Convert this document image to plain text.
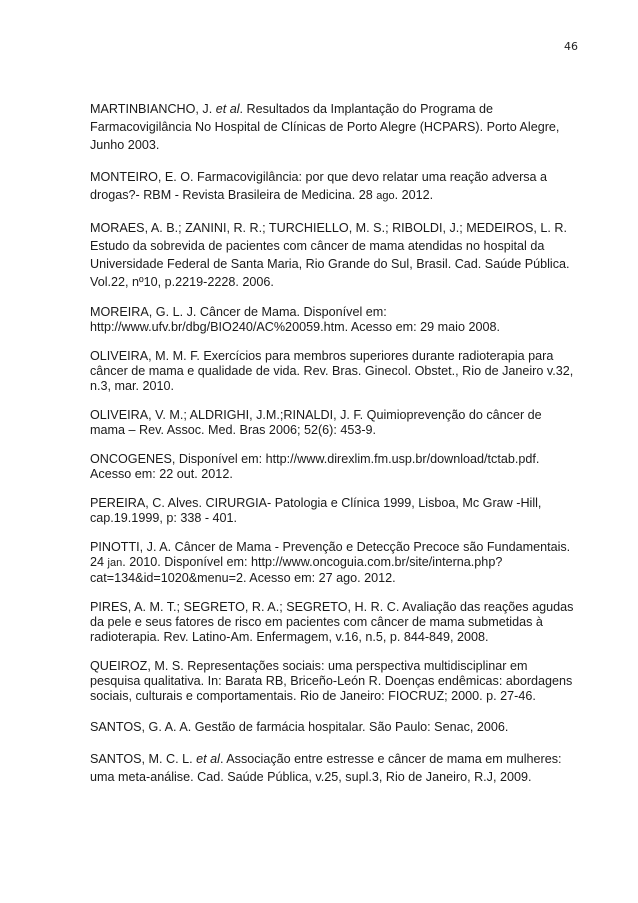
46

MARTINBIANCHO, J. et al. Resultados da Implantação do Programa de Farmacovigilância No Hospital de Clínicas de Porto Alegre (HCPARS). Porto Alegre, Junho 2003.

MONTEIRO, E. O. Farmacovigilância: por que devo relatar uma reação adversa a drogas?- RBM - Revista Brasileira de Medicina. 28 ago. 2012.

MORAES, A. B.; ZANINI, R. R.; TURCHIELLO, M. S.; RIBOLDI, J.; MEDEIROS, L. R. Estudo da sobrevida de pacientes com câncer de mama atendidas no hospital da Universidade Federal de Santa Maria, Rio Grande do Sul, Brasil. Cad. Saúde Pública. Vol.22, nº10, p.2219-2228. 2006.

MOREIRA, G. L. J. Câncer de Mama. Disponível em: http://www.ufv.br/dbg/BIO240/AC%20059.htm. Acesso em: 29 maio 2008.

OLIVEIRA, M. M. F. Exercícios para membros superiores durante radioterapia para câncer de mama e qualidade de vida. Rev. Bras. Ginecol. Obstet., Rio de Janeiro v.32, n.3, mar. 2010.

OLIVEIRA, V. M.; ALDRIGHI, J.M.;RINALDI, J. F. Quimioprevenção do câncer de mama – Rev. Assoc. Med. Bras 2006; 52(6): 453-9.

ONCOGENES, Disponível em: http://www.direxlim.fm.usp.br/download/tctab.pdf. Acesso em: 22 out. 2012.

PEREIRA, C. Alves. CIRURGIA- Patologia e Clínica 1999, Lisboa, Mc Graw -Hill, cap.19.1999, p: 338 - 401.

PINOTTI, J. A. Câncer de Mama - Prevenção e Detecção Precoce são Fundamentais. 24 jan. 2010. Disponível em: http://www.oncoguia.com.br/site/interna.php?cat=134&id=1020&menu=2. Acesso em: 27 ago. 2012.

PIRES, A. M. T.; SEGRETO, R. A.; SEGRETO, H. R. C. Avaliação das reações agudas da pele e seus fatores de risco em pacientes com câncer de mama submetidas à radioterapia. Rev. Latino-Am. Enfermagem, v.16, n.5, p. 844-849, 2008.

QUEIROZ, M. S. Representações sociais: uma perspectiva multidisciplinar em pesquisa qualitativa. In: Barata RB, Briceño-León R. Doenças endêmicas: abordagens sociais, culturais e comportamentais. Rio de Janeiro: FIOCRUZ; 2000. p. 27-46.

SANTOS, G. A. A. Gestão de farmácia hospitalar. São Paulo: Senac, 2006.

SANTOS, M. C. L. et al. Associação entre estresse e câncer de mama em mulheres: uma meta-análise. Cad. Saúde Pública, v.25, supl.3, Rio de Janeiro, R.J, 2009.
